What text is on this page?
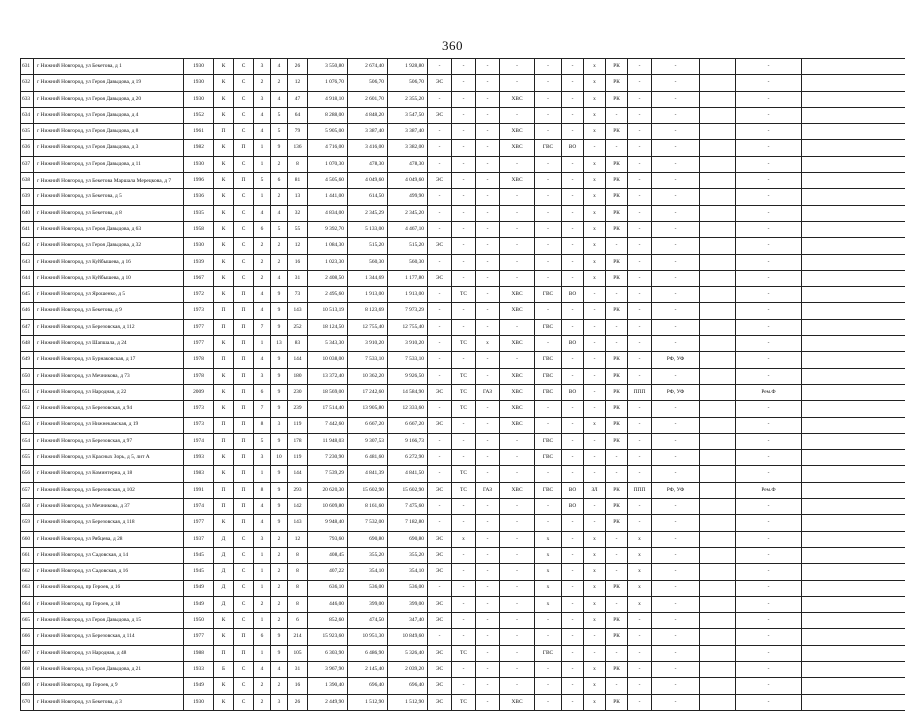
360
631	г Нижний Новгород, ул Бекетова, д 1	1930	К	С	3	4	26	3 550,80	2 674,40	1 928,80	-	-	-	-	-	-	х	РК	-	-		-	
632	г Нижний Новгород, ул Героя Давыдова, д 19	1930	К	С	2	2	12	1 076,70	506,70	506,70	ЭС	-	-	-	-	-	х	РК	-	-		-	
633	г Нижний Новгород, ул Героя Давыдова, д 20	1930	К	С	3	4	47	4 918,10	2 601,70	2 355,20	-	-	-	ХВС	-	-	х	РК	-	-		-	
634	г Нижний Новгород, ул Героя Давыдова, д 4	1952	К	С	4	5	64	8 288,00	4 848,20	3 547,50	ЭС	-	-	-	-	-	х	-	-	-		-	
635	г Нижний Новгород, ул Героя Давыдова, д 8	1961	П	С	4	5	79	5 905,00	3 387,40	3 387,40	-	-	-	ХВС	-	-	х	РК	-	-		-	
636	г Нижний Новгород, ул Героя Давыдова, д 3	1982	К	П	1	9	136	4 716,00	3 416,00	3 382,00	-	-	-	ХВС	ГВС	ВО	-	-	-	-		-	
637	г Нижний Новгород, ул Героя Давыдова, д 11	1930	К	С	1	2	8	1 070,30	478,30	478,30	-	-	-	-	-	-	х	РК	-	-		-	
638	г Нижний Новгород, ул Бекетова Маршала Мерецкова, д 7	1996	К	П	5	6	81	4 505,60	4 049,60	4 049,60	ЭС	-	-	ХВС	-	-	х	РК	-	-		-	
639	г Нижний Новгород, ул Бекетова, д 5	1936	К	С	1	2	13	1 441,00	614,50	499,90	-	-	-	-	-	-	х	РК	-	-		-	
640	г Нижний Новгород, ул Бекетова, д 8	1935	К	С	4	4	32	4 834,00	2 345,29	2 345,20	-	-	-	-	-	-	х	РК	-	-		-	
641	г Нижний Новгород, ул Героя Давыдова, д 63	1958	К	С	6	5	55	9 392,70	5 133,00	4 467,10	-	-	-	-	-	-	х	РК	-	-		-	
642	г Нижний Новгород, ул Героя Давыдова, д 32	1930	К	С	2	2	12	1 084,30	515,20	515,20	ЭС	-	-	-	-	-	х	-	-	-		-	
643	г Нижний Новгород, ул Куйбышева, д 16	1939	К	С	2	2	16	1 023,30	560,30	560,30	-	-	-	-	-	-	х	РК	-	-		-	
644	г Нижний Новгород, ул Куйбышева, д 10	1967	К	С	2	4	31	2 408,50	1 344,69	1 177,80	ЭС	-	-	-	-	-	х	РК	-	-		-	
645	г Нижний Новгород, ул Ярошенко, д 5	1972	К	П	4	9	73	2 495,60	1 913,00	1 913,00	-	ТС	-	ХВС	ГВС	ВО	-	-	-	-		-	
646	г Нижний Новгород, ул Бекетова, д 9	1973	П	П	4	9	143	10 513,19	8 123,69	7 973,29	-	-	-	ХВС	-	-	-	РК	-	-		-	
647	г Нижний Новгород, ул Березовская, д 112	1977	П	П	7	9	252	18 124,50	12 755,40	12 755,40	-	-	-	-	ГВС	-	-	-	-	-		-	
648	г Нижний Новгород, ул Шапшала, д 24	1977	К	П	1	13	83	5 343,30	3 910,20	3 910,20	-	ТС	х	ХВС	-	ВО	-	-	-	-		-	
649	г Нижний Новгород, ул Бурнаковская, д 17	1978	П	П	4	9	144	10 038,00	7 533,10	7 533,10	-	-	-	-	ГВС	-	-	РК	-	РФ, УФ		-	
650	г Нижний Новгород, ул Мечникова, д 73	1978	К	П	3	9	180	13 372,40	10 362,20	9 926,50	-	ТС	-	ХВС	ГВС	-	-	РК	-	-		-	
651	г Нижний Новгород, ул Народная, д 22	2009	К	П	6	9	230	18 569,00	17 242,60	14 584,90	ЭС	ТС	ГАЗ	ХВС	ГВС	ВО	-	РК	ППП	РФ, УФ		Рем.Ф	
652	г Нижний Новгород, ул Березовская, д 94	1973	К	П	7	9	239	17 514,40	13 905,80	12 333,60	-	ТС	-	ХВС	-	-	-	РК	-	-		-	
653	г Нижний Новгород, ул Нижнекамская, д 19	1973	П	П	8	3	119	7 442,60	6 667,20	6 667,20	ЭС	-	-	ХВС	-	-	х	РК	-	-		-	
654	г Нижний Новгород, ул Березовская, д 97	1974	П	П	5	9	178	11 948,03	9 307,53	9 166,73	-	-	-	-	ГВС	-	-	РК	-	-		-	
655	г Нижний Новгород, ул Красных Зорь, д 5, лит А	1993	К	П	3	10	119	7 230,90	6 481,60	6 272,90	-	-	-	-	ГВС	-	-	-	-	-		-	
656	г Нижний Новгород, ул Коминтерна, д 18	1983	К	П	1	9	144	7 539,29	4 841,39	4 841,50	-	ТС	-	-	-	-	-	-	-	-		-	
657	г Нижний Новгород, ул Березовская, д 102	1991	П	П	8	9	293	20 620,30	15 602,90	15 602,90	ЭС	ТС	ГАЗ	ХВС	ГВС	ВО	ЗЛ	РК	ППП	РФ, УФ		Рем.Ф	
658	г Нижний Новгород, ул Мечникова, д 37	1974	П	П	4	9	142	10 609,80	8 161,60	7 475,60	-	-	-	-	-	ВО	-	РК	-	-		-	
659	г Нижний Новгород, ул Березовская, д 118	1977	К	П	4	9	143	9 948,40	7 532,00	7 182,80	-	-	-	-	-	-	-	РК	-	-		-	
660	г Нижний Новгород, ул Рябцева, д 28	1937	Д	С	3	2	12	793,60	690,80	690,80	ЭС	х	-	-	х	-	х	-	х	-		-	
661	г Нижний Новгород, ул Садовская, д 14	1945	Д	С	1	2	8	408,45	355,20	355,20	ЭС	-	-	-	х	-	х	-	х	-		-	
662	г Нижний Новгород, ул Садовская, д 16	1945	Д	С	1	2	8	407,22	354,10	354,10	ЭС	-	-	-	х	-	х	-	х	-		-	
663	г Нижний Новгород, пр Героев, д 16	1949	Д	С	1	2	8	636,10	536,00	536,00	-	-	-	-	х	-	х	РК	х	-		-	
664	г Нижний Новгород, пр Героев, д 18	1949	Д	С	2	2	8	446,00	399,00	399,00	ЭС	-	-	-	х	-	х	-	х	-		-	
665	г Нижний Новгород, ул Героя Давыдова, д 15	1950	К	С	1	2	6	852,60	474,50	347,40	ЭС	-	-	-	-	-	х	РК	-	-		-	
666	г Нижний Новгород, ул Березовская, д 114	1977	К	П	6	9	214	15 923,60	10 951,30	10 849,60	-	-	-	-	-	-	-	РК	-	-		-	
667	г Нижний Новгород, ул Народная, д 48	1988	П	П	1	9	105	6 303,90	6 486,90	5 326,40	ЭС	ТС	-	-	ГВС	-	-	-	-	-		-	
668	г Нижний Новгород, ул Героя Давыдова, д 21	1933	Б	С	4	4	31	3 967,90	2 145,40	2 039,20	ЭС	-	-	-	-	-	х	РК	-	-		-	
669	г Нижний Новгород, пр Героев, д 9	1949	К	С	2	2	16	1 390,40	696,40	696,40	ЭС	-	-	-	-	-	х	-	-	-		-	
670	г Нижний Новгород, ул Бекетова, д 3	1930	К	С	2	3	26	2 449,90	1 512,90	1 512,90	ЭС	ТС	-	ХВС	-	-	х	РК	-	-		-	
